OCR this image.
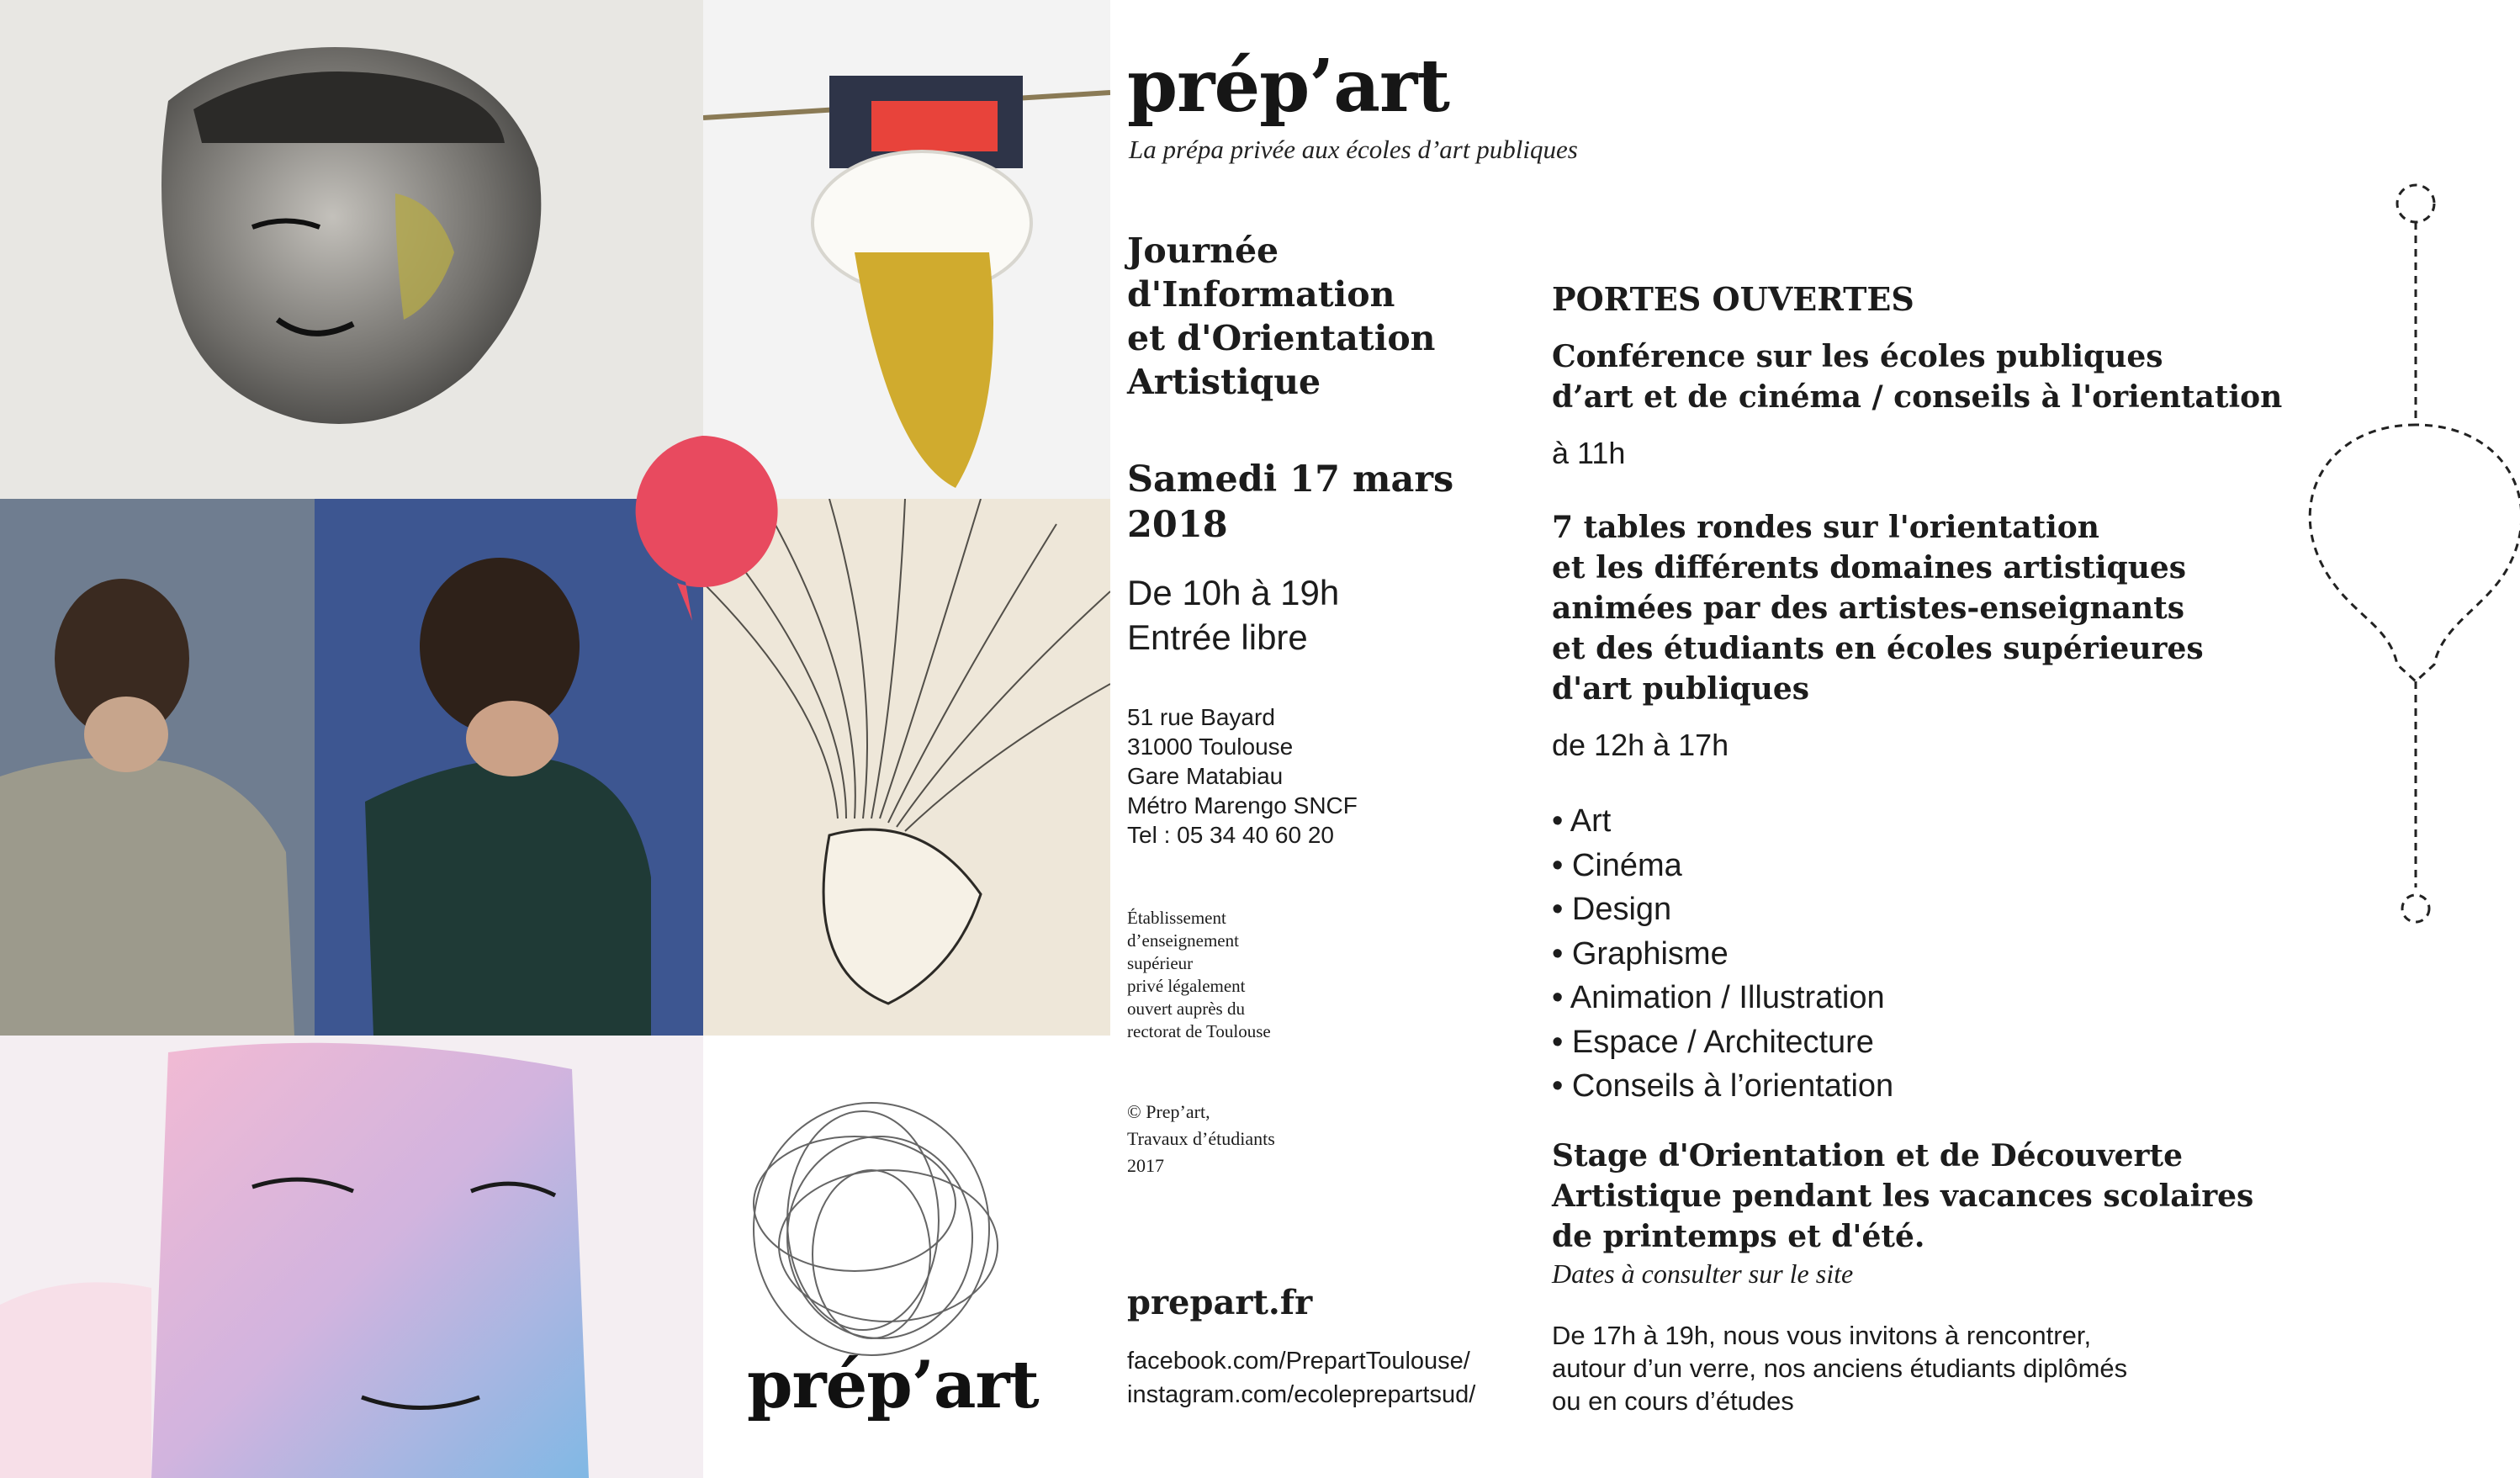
prép’art
prép’art
La prépa privée aux écoles d’art publiques
Journée
d'Information
et d'Orientation
Artistique
Samedi 17 mars
2018
De 10h à 19h
Entrée libre
51 rue Bayard
31000 Toulouse
Gare Matabiau
Métro Marengo SNCF
Tel : 05 34 40 60 20
Établissement
d’enseignement
supérieur
privé légalement
ouvert auprès du
rectorat de Toulouse
© Prep’art,
Travaux d’étudiants
2017
prepart.fr
facebook.com/PrepartToulouse/
instagram.com/ecoleprepartsud/
PORTES OUVERTES
Conférence sur les écoles publiques
d’art et de cinéma / conseils à l'orientation
à 11h
7 tables rondes sur l'orientation
et les différents domaines artistiques
animées par des artistes-enseignants
et des étudiants en écoles supérieures
d'art publiques
de 12h à 17h
• Art
• Cinéma
• Design
• Graphisme
• Animation / Illustration
• Espace / Architecture
• Conseils à l’orientation
Stage d'Orientation et de Découverte
Artistique pendant les vacances scolaires
de printemps et d'été.
Dates à consulter sur le site
De 17h à 19h, nous vous invitons à rencontrer,
autour d’un verre, nos anciens étudiants diplômés
ou en cours d’études
